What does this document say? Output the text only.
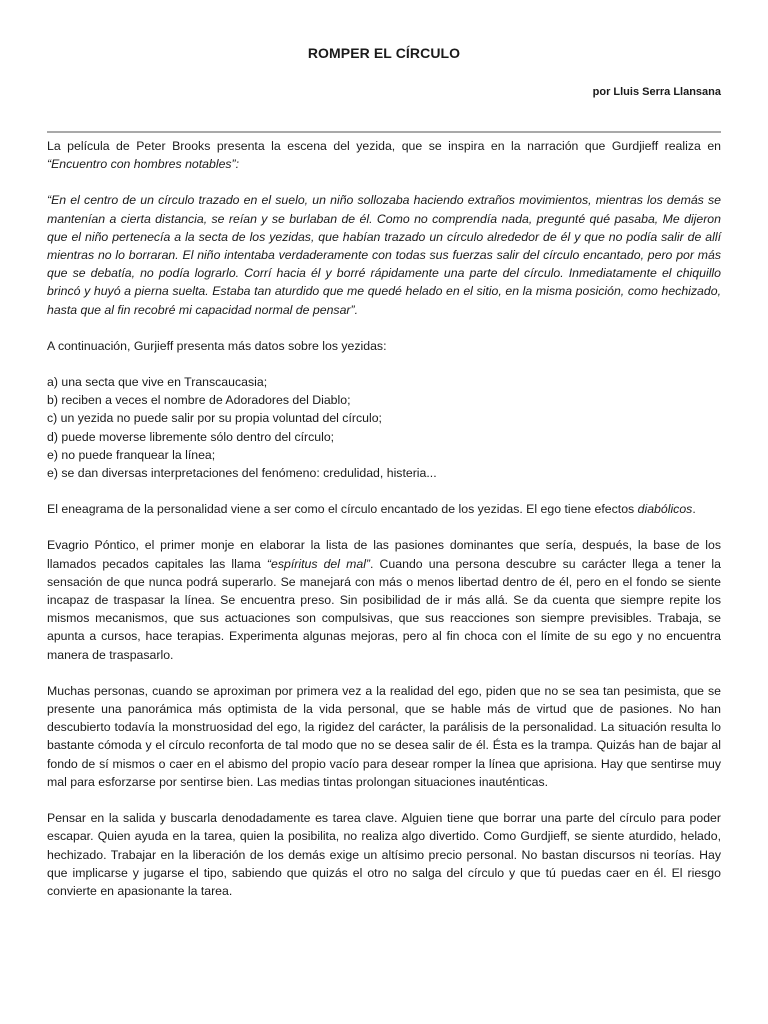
ROMPER EL CÍRCULO

por Lluis Serra Llansana

La película de Peter Brooks presenta la escena del yezida, que se inspira en la narración que Gurdjieff realiza en “Encuentro con hombres notables”:

“En el centro de un círculo trazado en el suelo, un niño sollozaba haciendo extraños movimientos, mientras los demás se mantenían a cierta distancia, se reían y se burlaban de él. Como no comprendía nada, pregunté qué pasaba, Me dijeron que el niño pertenecía a la secta de los yezidas, que habían trazado un círculo alrededor de él y que no podía salir de allí mientras no lo borraran. El niño intentaba verdaderamente con todas sus fuerzas salir del círculo encantado, pero por más que se debatía, no podía lograrlo. Corrí hacia él y borré rápidamente una parte del círculo. Inmediatamente el chiquillo brincó y huyó a pierna suelta. Estaba tan aturdido que me quedé helado en el sitio, en la misma posición, como hechizado, hasta que al fin recobré mi capacidad normal de pensar”.

A continuación, Gurjieff presenta más datos sobre los yezidas:

a) una secta que vive en Transcaucasia;
b) reciben a veces el nombre de Adoradores del Diablo;
c) un yezida no puede salir por su propia voluntad del círculo;
d) puede moverse libremente sólo dentro del círculo;
e) no puede franquear la línea;
e) se dan diversas interpretaciones del fenómeno: credulidad, histeria...

El eneagrama de la personalidad viene a ser como el círculo encantado de los yezidas. El ego tiene efectos diabólicos.

Evagrio Póntico, el primer monje en elaborar la lista de las pasiones dominantes que sería, después, la base de los llamados pecados capitales las llama “espíritus del mal”. Cuando una persona descubre su carácter llega a tener la sensación de que nunca podrá superarlo. Se manejará con más o menos libertad dentro de él, pero en el fondo se siente incapaz de traspasar la línea. Se encuentra preso. Sin posibilidad de ir más allá. Se da cuenta que siempre repite los mismos mecanismos, que sus actuaciones son compulsivas, que sus reacciones son siempre previsibles. Trabaja, se apunta a cursos, hace terapias. Experimenta algunas mejoras, pero al fin choca con el límite de su ego y no encuentra manera de traspasarlo.

Muchas personas, cuando se aproximan por primera vez a la realidad del ego, piden que no se sea tan pesimista, que se presente una panorámica más optimista de la vida personal, que se hable más de virtud que de pasiones. No han descubierto todavía la monstruosidad del ego, la rigidez del carácter, la parálisis de la personalidad. La situación resulta lo bastante cómoda y el círculo reconforta de tal modo que no se desea salir de él. Ésta es la trampa. Quizás han de bajar al fondo de sí mismos o caer en el abismo del propio vacío para desear romper la línea que aprisiona. Hay que sentirse muy mal para esforzarse por sentirse bien. Las medias tintas prolongan situaciones inauténticas.

Pensar en la salida y buscarla denodadamente es tarea clave. Alguien tiene que borrar una parte del círculo para poder escapar. Quien ayuda en la tarea, quien la posibilita, no realiza algo divertido. Como Gurdjieff, se siente aturdido, helado, hechizado. Trabajar en la liberación de los demás exige un altísimo precio personal. No bastan discursos ni teorías. Hay que implicarse y jugarse el tipo, sabiendo que quizás el otro no salga del círculo y que tú puedas caer en él. El riesgo convierte en apasionante la tarea.
